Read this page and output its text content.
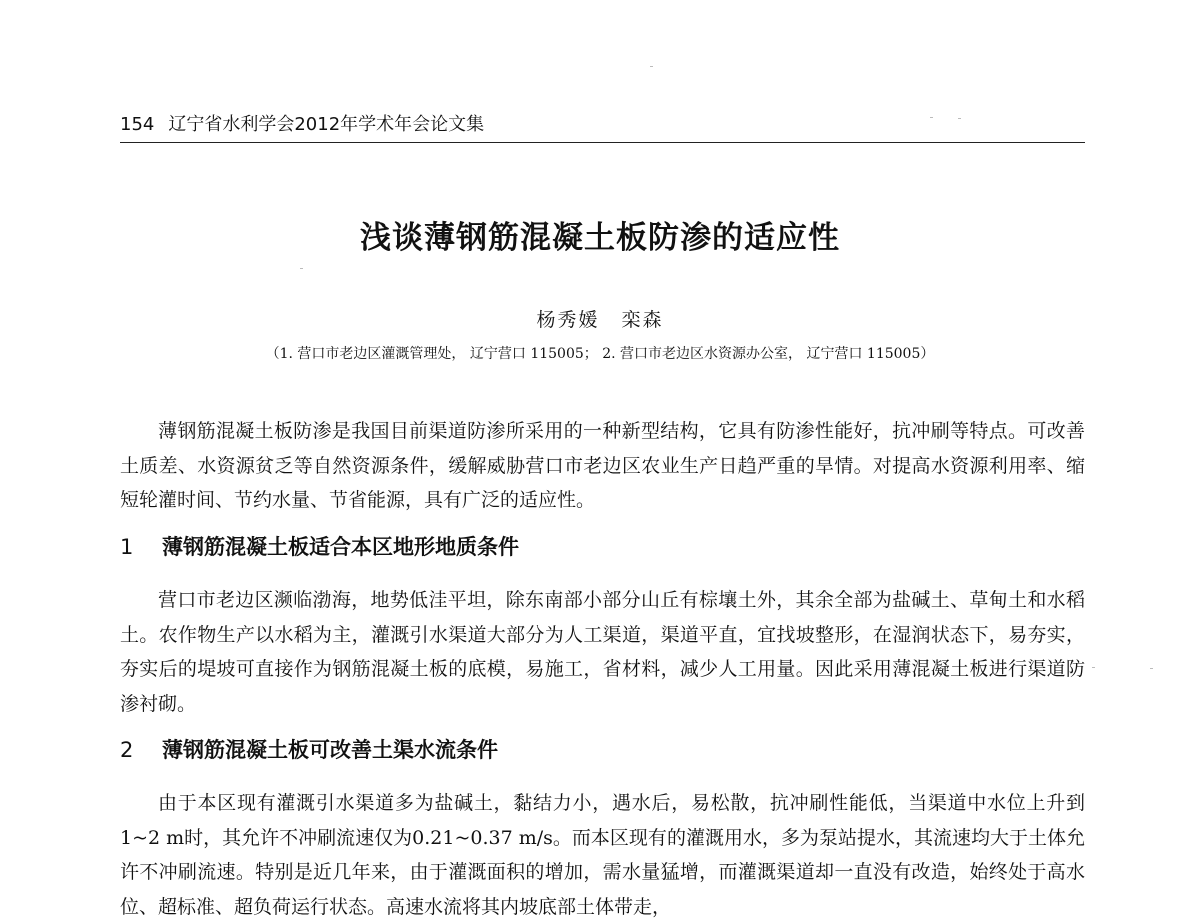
154 辽宁省水利学会2012年学术年会论文集
浅谈薄钢筋混凝土板防渗的适应性
杨秀媛 栾森
（1. 营口市老边区灌溉管理处， 辽宁营口 115005； 2. 营口市老边区水资源办公室， 辽宁营口 115005）

薄钢筋混凝土板防渗是我国目前渠道防渗所采用的一种新型结构，它具有防渗性能好，抗冲刷等特点。可改善土质差、水资源贫乏等自然资源条件，缓解威胁营口市老边区农业生产日趋严重的旱情。对提高水资源利用率、缩短轮灌时间、节约水量、节省能源，具有广泛的适应性。

1 薄钢筋混凝土板适合本区地形地质条件

营口市老边区濒临渤海，地势低洼平坦，除东南部小部分山丘有棕壤土外，其余全部为盐碱土、草甸土和水稻土。农作物生产以水稻为主，灌溉引水渠道大部分为人工渠道，渠道平直，宜找坡整形，在湿润状态下，易夯实，夯实后的堤坡可直接作为钢筋混凝土板的底模，易施工，省材料，减少人工用量。因此采用薄混凝土板进行渠道防渗衬砌。

2 薄钢筋混凝土板可改善土渠水流条件

由于本区现有灌溉引水渠道多为盐碱土，黏结力小，遇水后，易松散，抗冲刷性能低，当渠道中水位上升到1~2 m时，其允许不冲刷流速仅为0.21~0.37 m/s。而本区现有的灌溉用水，多为泵站提水，其流速均大于土体允许不冲刷流速。特别是近几年来，由于灌溉面积的增加，需水量猛增，而灌溉渠道却一直没有改造，始终处于高水位、超标准、超负荷运行状态。高速水流将其内坡底部土体带走，
